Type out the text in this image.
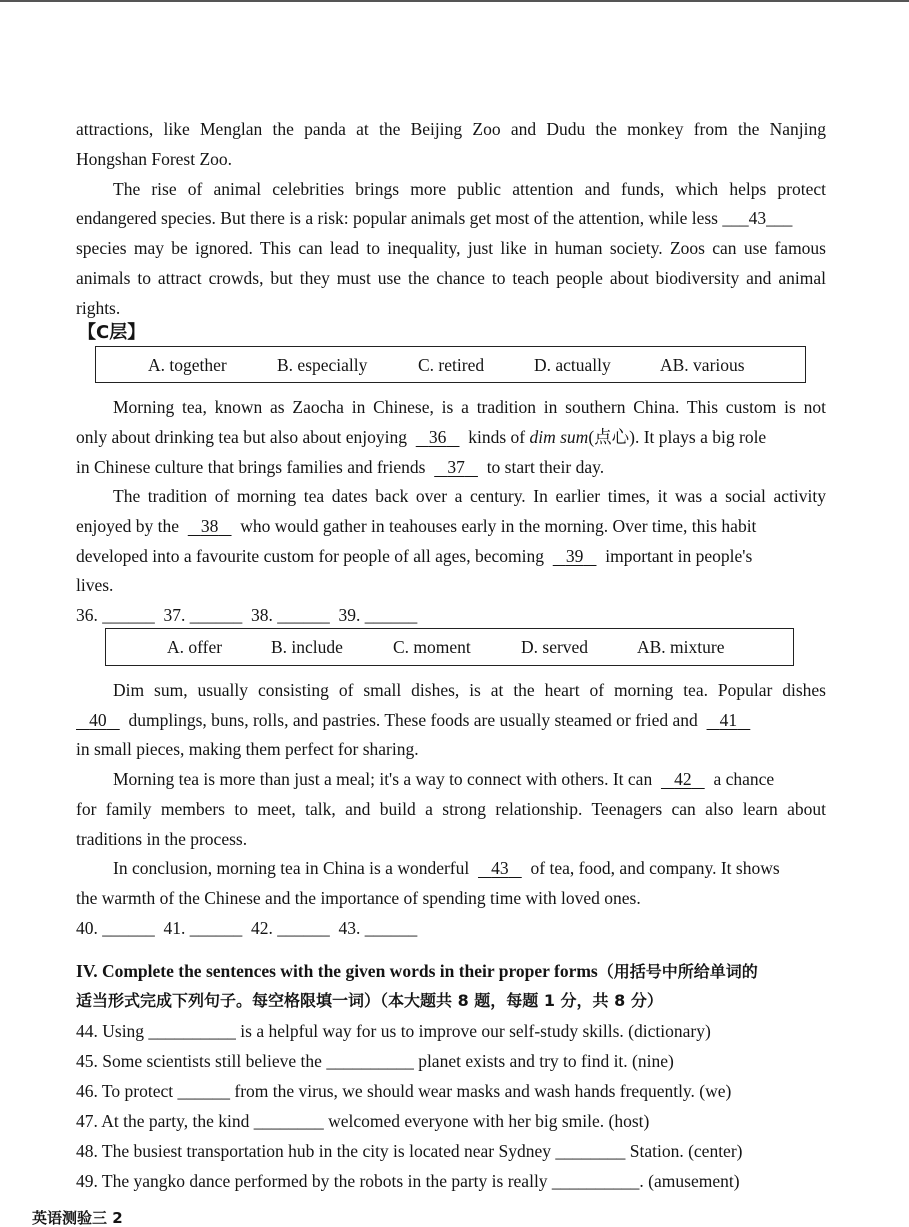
attractions, like Menglan the panda at the Beijing Zoo and Dudu the monkey from the Nanjing
Hongshan Forest Zoo.
The rise of animal celebrities brings more public attention and funds, which helps protect
endangered species. But there is a risk: popular animals get most of the attention, while less ___43___
species may be ignored. This can lead to inequality, just like in human society. Zoos can use famous
animals to attract crowds, but they must use the chance to teach people about biodiversity and animal
rights.
【C层】
A. together	B. especially	C. retired	D. actually	AB. various
Morning tea, known as Zaocha in Chinese, is a tradition in southern China. This custom is not
only about drinking tea but also about enjoying 36 kinds of dim sum(点心). It plays a big role
in Chinese culture that brings families and friends 37 to start their day.
The tradition of morning tea dates back over a century. In earlier times, it was a social activity
enjoyed by the 38 who would gather in teahouses early in the morning. Over time, this habit
developed into a favourite custom for people of all ages, becoming 39 important in people's
lives.
36. ______ 37. ______ 38. ______ 39. ______
A. offer	B. include	C. moment	D. served	AB. mixture
Dim sum, usually consisting of small dishes, is at the heart of morning tea. Popular dishes
40 dumplings, buns, rolls, and pastries. These foods are usually steamed or fried and 41
in small pieces, making them perfect for sharing.
Morning tea is more than just a meal; it's a way to connect with others. It can 42 a chance
for family members to meet, talk, and build a strong relationship. Teenagers can also learn about
traditions in the process.
In conclusion, morning tea in China is a wonderful 43 of tea, food, and company. It shows
the warmth of the Chinese and the importance of spending time with loved ones.
40. ______ 41. ______ 42. ______ 43. ______
IV. Complete the sentences with the given words in their proper forms（用括号中所给单词的
适当形式完成下列句子。每空格限填一词）（本大题共 8 题，每题 1 分，共 8 分）
44. Using __________ is a helpful way for us to improve our self-study skills. (dictionary)
45. Some scientists still believe the __________ planet exists and try to find it. (nine)
46. To protect ______ from the virus, we should wear masks and wash hands frequently. (we)
47. At the party, the kind ________ welcomed everyone with her big smile. (host)
48. The busiest transportation hub in the city is located near Sydney ________ Station. (center)
49. The yangko dance performed by the robots in the party is really __________. (amusement)
英语测验三 2
